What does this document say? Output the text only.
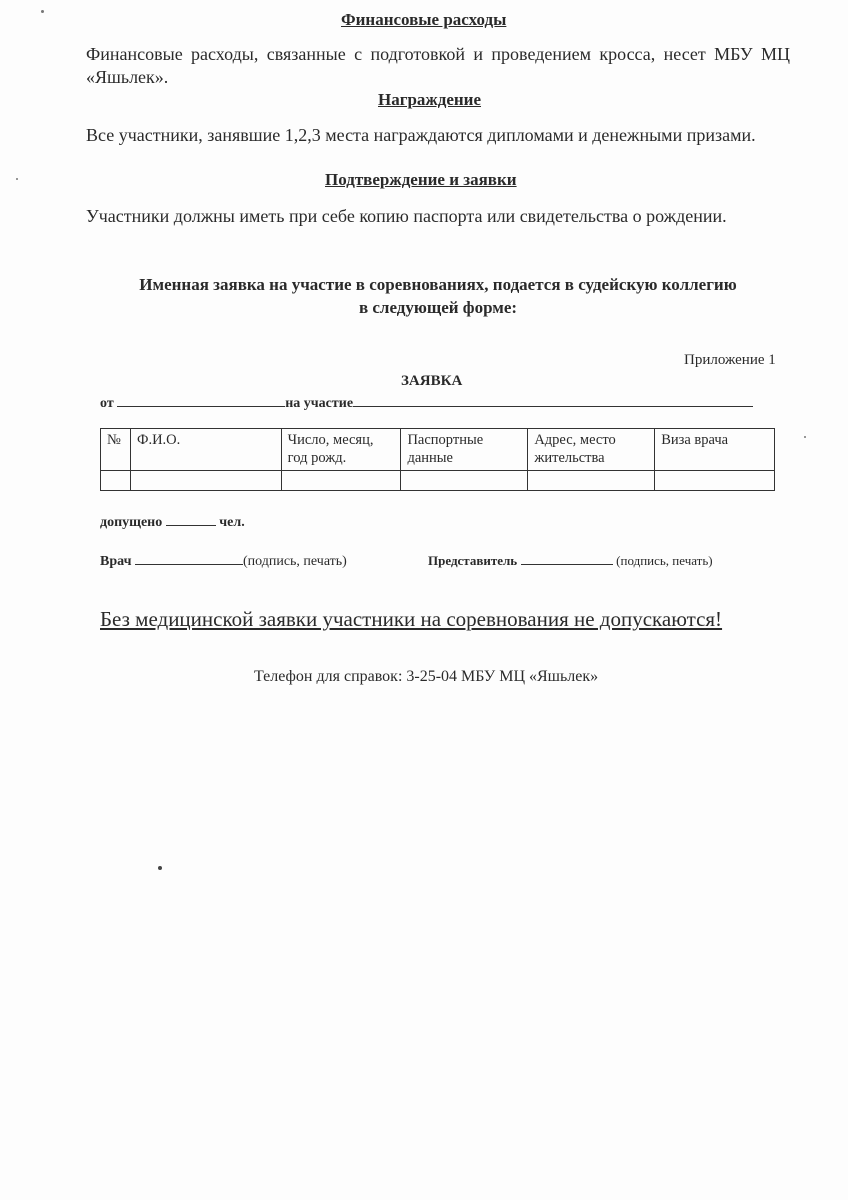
Финансовые расходы
Финансовые расходы, связанные с подготовкой и проведением кросса, несет МБУ МЦ «Яшьлек».
Награждение
Все участники, занявшие 1,2,3 места награждаются дипломами и денежными призами.
Подтверждение и заявки
Участники должны иметь при себе копию паспорта или свидетельства о рождении.
Именная заявка на участие в соревнованиях, подается в судейскую коллегию
в следующей форме:
Приложение 1
ЗАЯВКА
от	на участие
№	Ф.И.О.	Число, месяц, год рожд.	Паспортные данные	Адрес, место жительства	Виза врача

допущено	чел.
Врач	(подпись, печать)	Представитель	(подпись, печать)
Без медицинской заявки участники на соревнования не допускаются!
Телефон для справок: 3-25-04 МБУ МЦ «Яшьлек»
